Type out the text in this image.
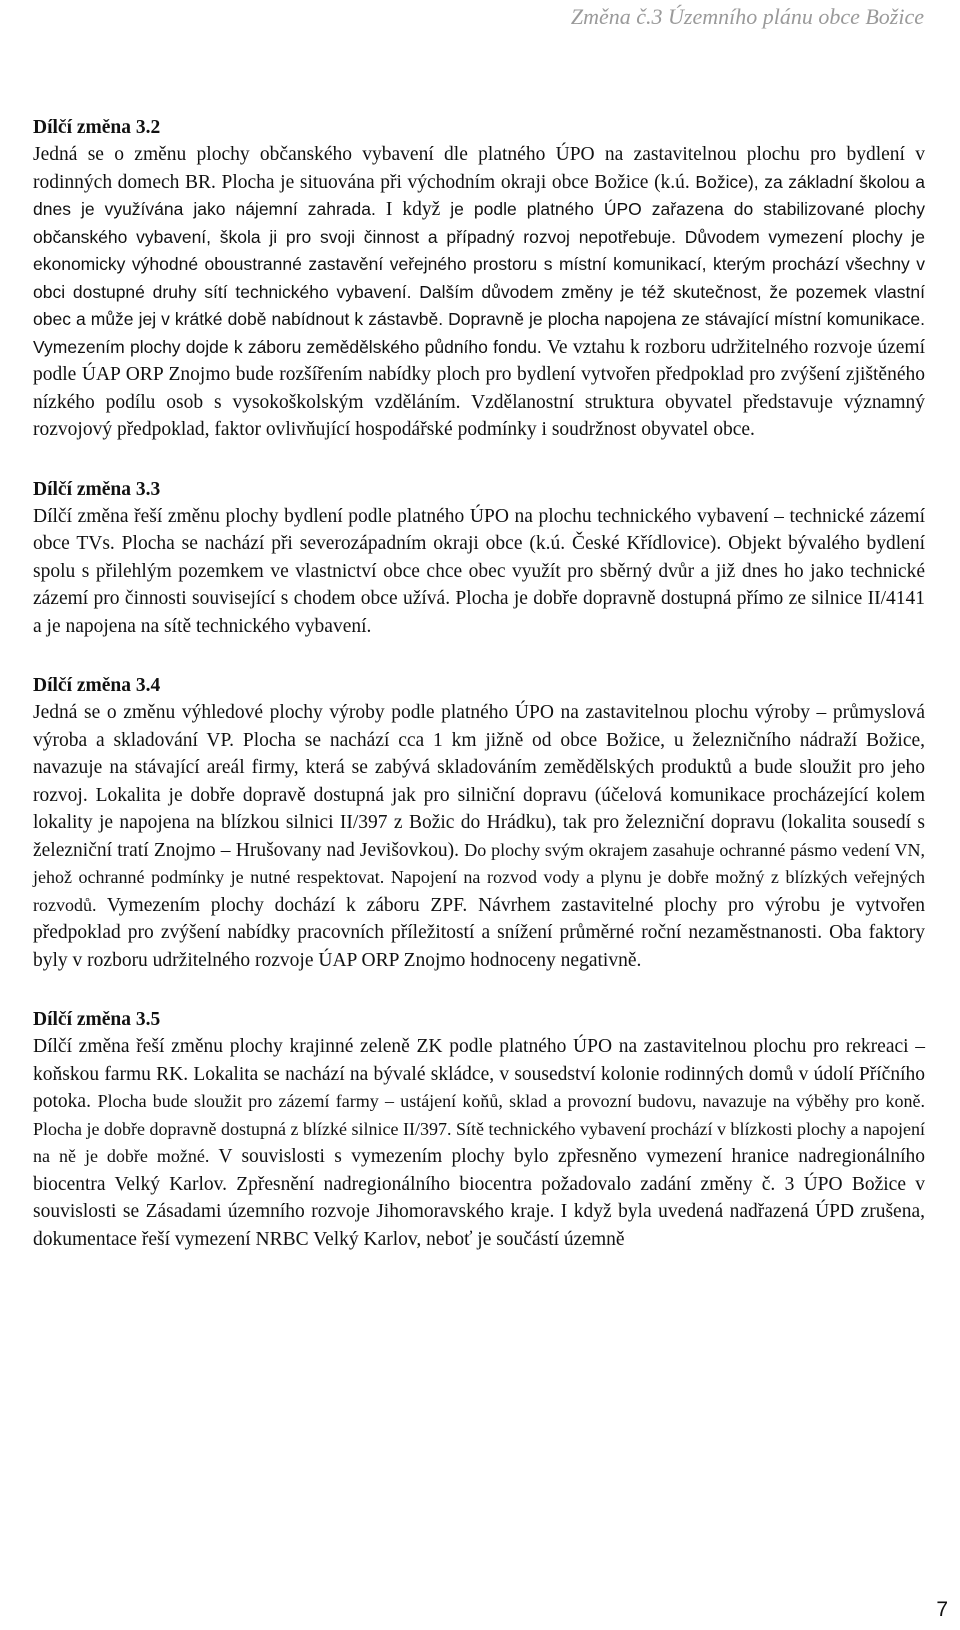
Změna č.3 Územního plánu obce Božice

Dílčí změna 3.2

Jedná se o změnu plochy občanského vybavení dle platného ÚPO na zastavitelnou plochu pro bydlení v rodinných domech BR. Plocha je situována při východním okraji obce Božice (k.ú. Božice), za základní školou a dnes je využívána jako nájemní zahrada. I když je podle platného ÚPO zařazena do stabilizované plochy občanského vybavení, škola ji pro svoji činnost a případný rozvoj nepotřebuje. Důvodem vymezení plochy je ekonomicky výhodné oboustranné zastavění veřejného prostoru s místní komunikací, kterým prochází všechny v obci dostupné druhy sítí technického vybavení. Dalším důvodem změny je též skutečnost, že pozemek vlastní obec a může jej v krátké době nabídnout k zástavbě. Dopravně je plocha napojena ze stávající místní komunikace. Vymezením plochy dojde k záboru zemědělského půdního fondu. Ve vztahu k rozboru udržitelného rozvoje území podle ÚAP ORP Znojmo bude rozšířením nabídky ploch pro bydlení vytvořen předpoklad pro zvýšení zjištěného nízkého podílu osob s vysokoškolským vzděláním. Vzdělanostní struktura obyvatel představuje významný rozvojový předpoklad, faktor ovlivňující hospodářské podmínky i soudržnost obyvatel obce.

Dílčí změna 3.3

Dílčí změna řeší změnu plochy bydlení podle platného ÚPO na plochu technického vybavení – technické zázemí obce TVs. Plocha se nachází při severozápadním okraji obce (k.ú. České Křídlovice). Objekt bývalého bydlení spolu s přilehlým pozemkem ve vlastnictví obce chce obec využít pro sběrný dvůr a již dnes ho jako technické zázemí pro činnosti související s chodem obce užívá. Plocha je dobře dopravně dostupná přímo ze silnice II/4141 a je napojena na sítě technického vybavení.

Dílčí změna 3.4

Jedná se o změnu výhledové plochy výroby podle platného ÚPO na zastavitelnou plochu výroby – průmyslová výroba a skladování VP. Plocha se nachází cca 1 km jižně od obce Božice, u železničního nádraží Božice, navazuje na stávající areál firmy, která se zabývá skladováním zemědělských produktů a bude sloužit pro jeho rozvoj. Lokalita je dobře dopravě dostupná jak pro silniční dopravu (účelová komunikace procházející kolem lokality je napojena na blízkou silnici II/397 z Božic do Hrádku), tak pro železniční dopravu (lokalita sousedí s železniční tratí Znojmo – Hrušovany nad Jevišovkou). Do plochy svým okrajem zasahuje ochranné pásmo vedení VN, jehož ochranné podmínky je nutné respektovat. Napojení na rozvod vody a plynu je dobře možný z blízkých veřejných rozvodů. Vymezením plochy dochází k záboru ZPF. Návrhem zastavitelné plochy pro výrobu je vytvořen předpoklad pro zvýšení nabídky pracovních příležitostí a snížení průměrné roční nezaměstnanosti. Oba faktory byly v rozboru udržitelného rozvoje ÚAP ORP Znojmo hodnoceny negativně.

Dílčí změna 3.5

Dílčí změna řeší změnu plochy krajinné zeleně ZK podle platného ÚPO na zastavitelnou plochu pro rekreaci – koňskou farmu RK. Lokalita se nachází na bývalé skládce, v sousedství kolonie rodinných domů v údolí Příčního potoka. Plocha bude sloužit pro zázemí farmy – ustájení koňů, sklad a provozní budovu, navazuje na výběhy pro koně. Plocha je dobře dopravně dostupná z blízké silnice II/397. Sítě technického vybavení prochází v blízkosti plochy a napojení na ně je dobře možné. V souvislosti s vymezením plochy bylo zpřesněno vymezení hranice nadregionálního biocentra Velký Karlov. Zpřesnění nadregionálního biocentra požadovalo zadání změny č. 3 ÚPO Božice v souvislosti se Zásadami územního rozvoje Jihomoravského kraje. I když byla uvedená nadřazená ÚPD zrušena, dokumentace řeší vymezení NRBC Velký Karlov, neboť je součástí územně

7
